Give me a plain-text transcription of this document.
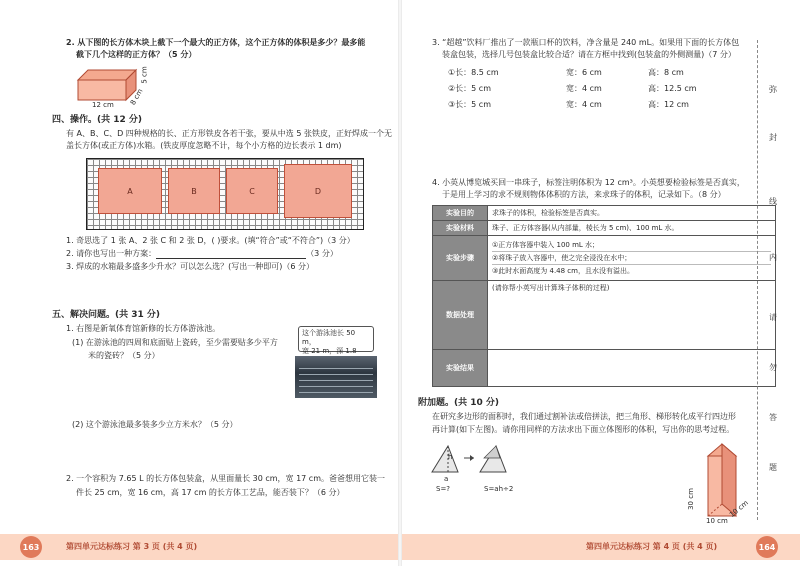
2. 从下图的长方体木块上截下一个最大的正方体，这个正方体的体积是多少？最多能
截下几个这样的正方体？（5 分）
12 cm 8 cm
5 cm
四、操作。(共 12 分)
有 A、B、C、D 四种规格的长、正方形铁皮各若干张，要从中选 5 张铁皮，正好焊成一个无
盖长方体(或正方体)水箱。(铁皮厚度忽略不计，每个小方格的边长表示 1 dm)
A	B	C	D
1. 奇思选了 1 张 A、2 张 C 和 2 张 D，( )要求。(填“符合”或“不符合”)（3 分）
2. 请你也写出一种方案：	（3 分）
3. 焊成的水箱最多盛多少升水？可以怎么选？(写出一种即可)（6 分）
五、解决问题。(共 31 分)
1. 右图是新氧体育馆新修的长方体游泳池。
(1) 在游泳池的四周和底面贴上瓷砖，至少需要贴多少平方
米的瓷砖？（5 分）
这个游泳池长 50 m，
宽 21 m，深 1.8
(2) 这个游泳池最多装多少立方米水？（5 分）
2. 一个容积为 7.65 L 的长方体包装盒，从里面量长 30 cm，宽 17 cm。爸爸想用它装一
件长 25 cm，宽 16 cm，高 17 cm 的长方体工艺品，能否装下？（6 分）
163	第四单元达标练习 第 3 页 (共 4 页)
3. “超越”饮料厂推出了一款瓶口杯的饮料，净含量是 240 mL。如果用下面的长方体包
装盒包装，选择几号包装盒比较合适？请在方框中找到(包装盒的外侧测量)（7 分）
①长：8.5 cm	宽：6 cm	高：8 cm
②长：5 cm	宽：4 cm	高：12.5 cm
③长：5 cm	宽：4 cm	高：12 cm
4. 小英从博览城买回一串珠子，标签注明体积为 12 cm³。小英想要检验标签是否真实，
于是用上学习的求不规则物体体积的方法，来求珠子的体积，记录如下。（8 分）
实验目的	求珠子的体积，检验标签是否真实。
实验材料	珠子、正方体容器(从内部量，棱长为 5 cm)、100 mL 水。
实验步骤	①正方体容器中装入 100 mL 水；
②将珠子放入容器中，使之完全浸没在水中；
③此时水面高度为 4.48 cm，且水没有溢出。

数据处理	(请你帮小英写出计算珠子体积的过程)
实验结果	
附加题。(共 10 分)
在研究多边形的面积时，我们通过割补法或倍拼法，把三角形、梯形转化成平行四边形
再计算(如下左图)。请你用同样的方法求出下面立体图形的体积，写出你的思考过程。
h
a
S=?	S=ah÷2	30 cm
10 cm
10 cm
弥
封
线
内
请
勿
答
题
第四单元达标练习 第 4 页 (共 4 页)	164
